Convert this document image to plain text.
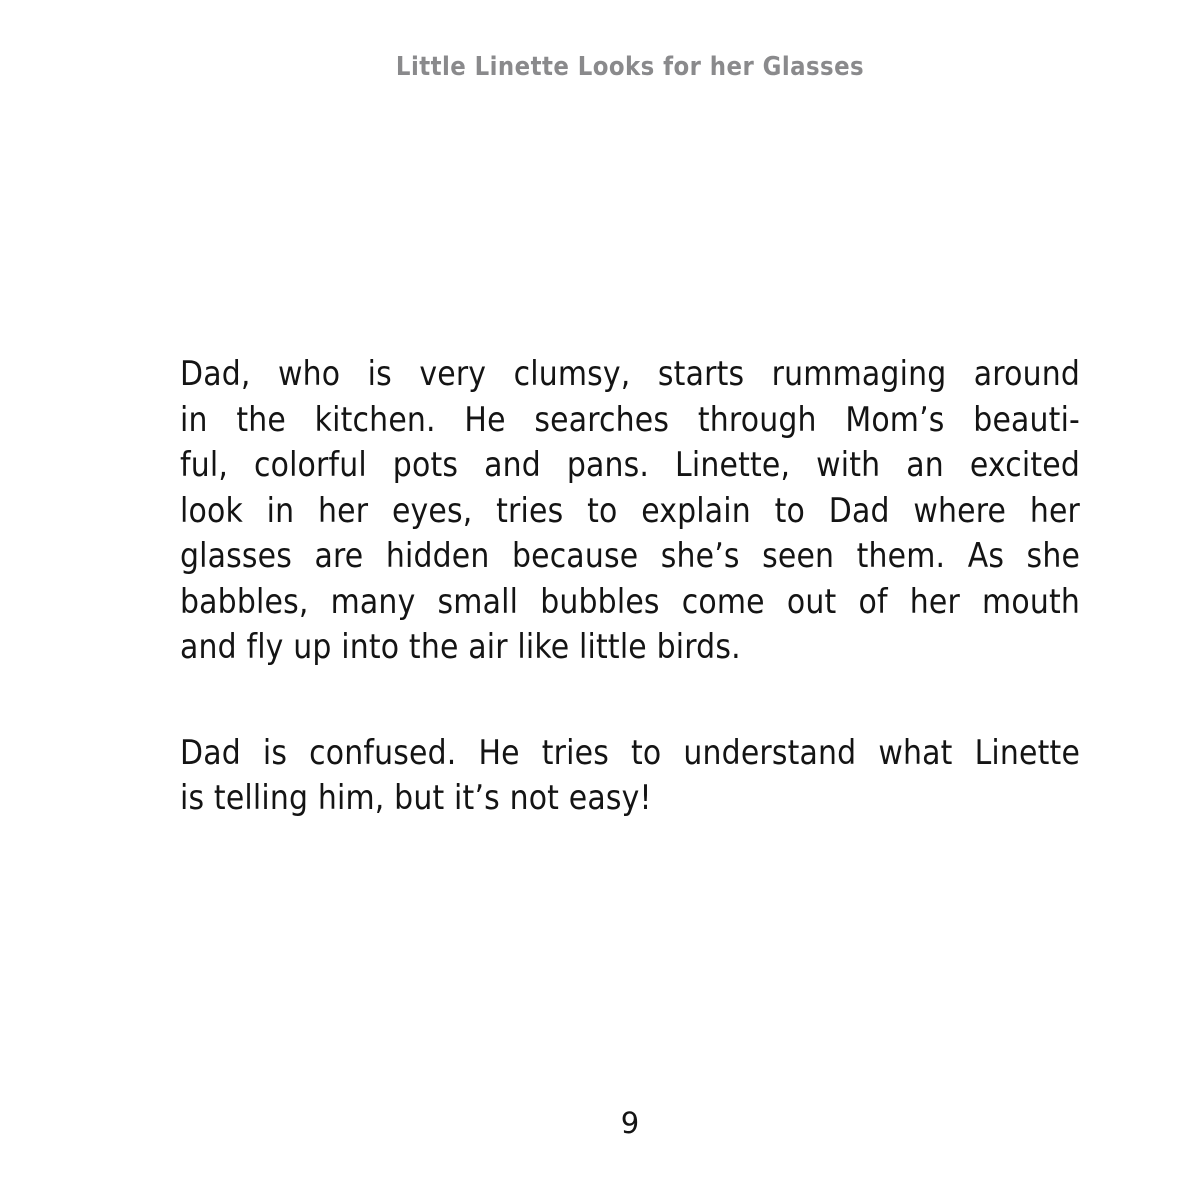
Little Linette Looks for her Glasses
Dad, who is very clumsy, starts rummaging around
in the kitchen. He searches through Mom’s beauti-
ful, colorful pots and pans. Linette, with an excited
look in her eyes, tries to explain to Dad where her
glasses are hidden because she’s seen them. As she
babbles, many small bubbles come out of her mouth
and fly up into the air like little birds.
Dad is confused. He tries to understand what Linette
is telling him, but it’s not easy!
9
